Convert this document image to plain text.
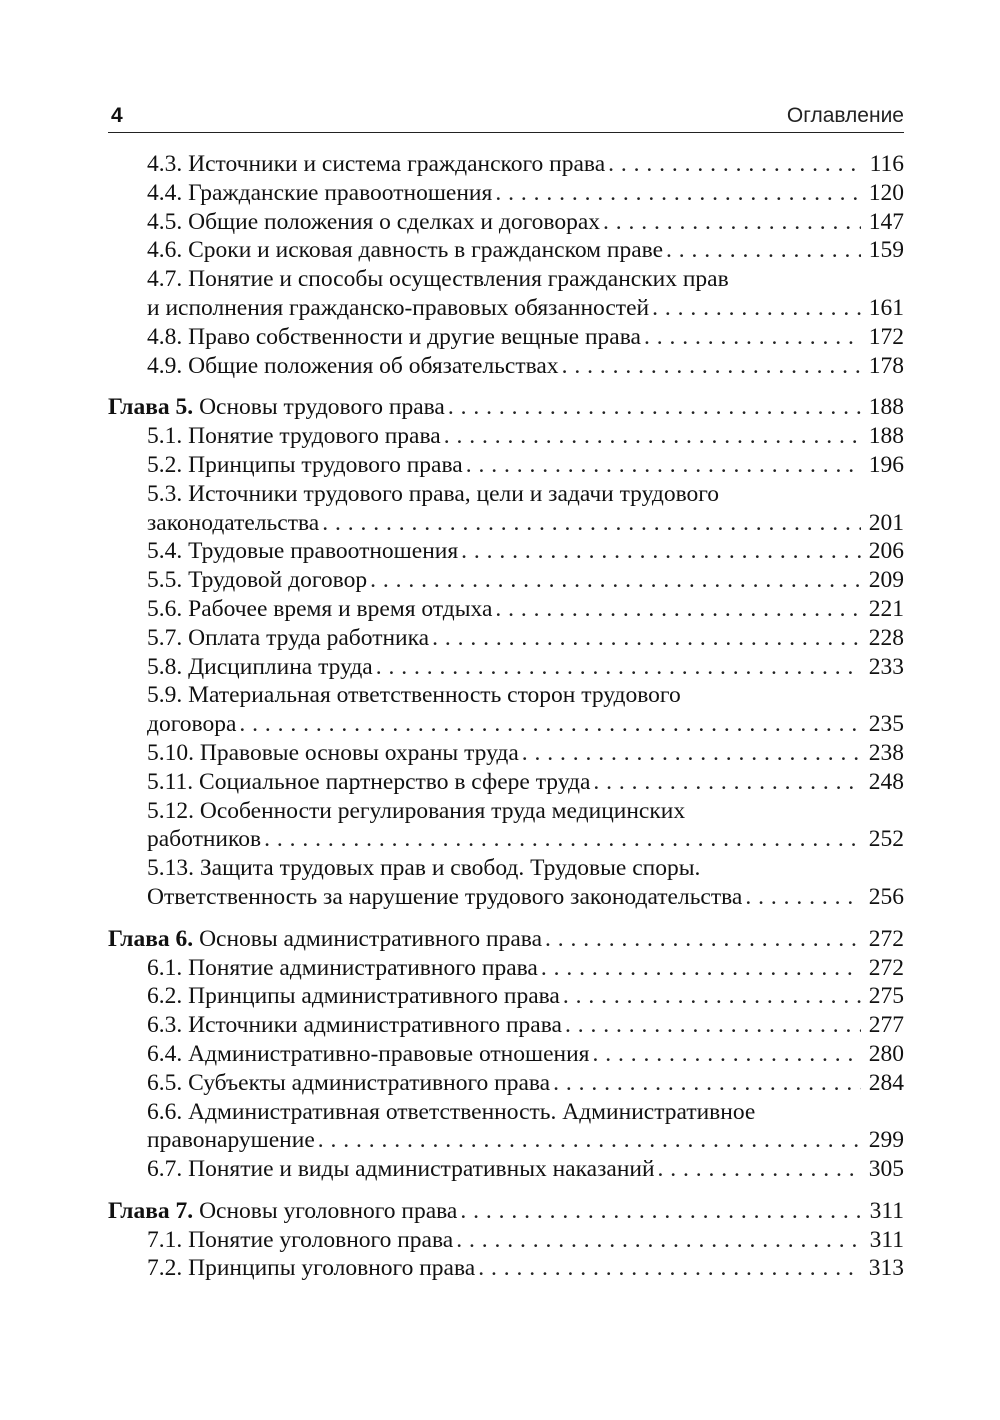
4	Оглавление
4.3. Источники и система гражданского права . . .	116
4.4. Гражданские правоотношения . . .	120
4.5. Общие положения о сделках и договорах . . .	147
4.6. Сроки и исковая давность в гражданском праве . . .	159
4.7. Понятие и способы осуществления гражданских прав
и исполнения гражданско-правовых обязанностей . . .	161
4.8. Право собственности и другие вещные права . . .	172
4.9. Общие положения об обязательствах . . .	178
Глава 5. Основы трудового права . . .	188
5.1. Понятие трудового права . . .	188
5.2. Принципы трудового права . . .	196
5.3. Источники трудового права, цели и задачи трудового
законодательства . . .	201
5.4. Трудовые правоотношения . . .	206
5.5. Трудовой договор . . .	209
5.6. Рабочее время и время отдыха . . .	221
5.7. Оплата труда работника . . .	228
5.8. Дисциплина труда . . .	233
5.9. Материальная ответственность сторон трудового
договора . . .	235
5.10. Правовые основы охраны труда . . .	238
5.11. Социальное партнерство в сфере труда . . .	248
5.12. Особенности регулирования труда медицинских
работников . . .	252
5.13. Защита трудовых прав и свобод. Трудовые споры.
Ответственность за нарушение трудового законодательства . . .	256
Глава 6. Основы административного права . . .	272
6.1. Понятие административного права . . .	272
6.2. Принципы административного права . . .	275
6.3. Источники административного права . . .	277
6.4. Административно-правовые отношения . . .	280
6.5. Субъекты административного права . . .	284
6.6. Административная ответственность. Административное
правонарушение . . .	299
6.7. Понятие и виды административных наказаний . . .	305
Глава 7. Основы уголовного права . . .	311
7.1. Понятие уголовного права . . .	311
7.2. Принципы уголовного права . . .	313
